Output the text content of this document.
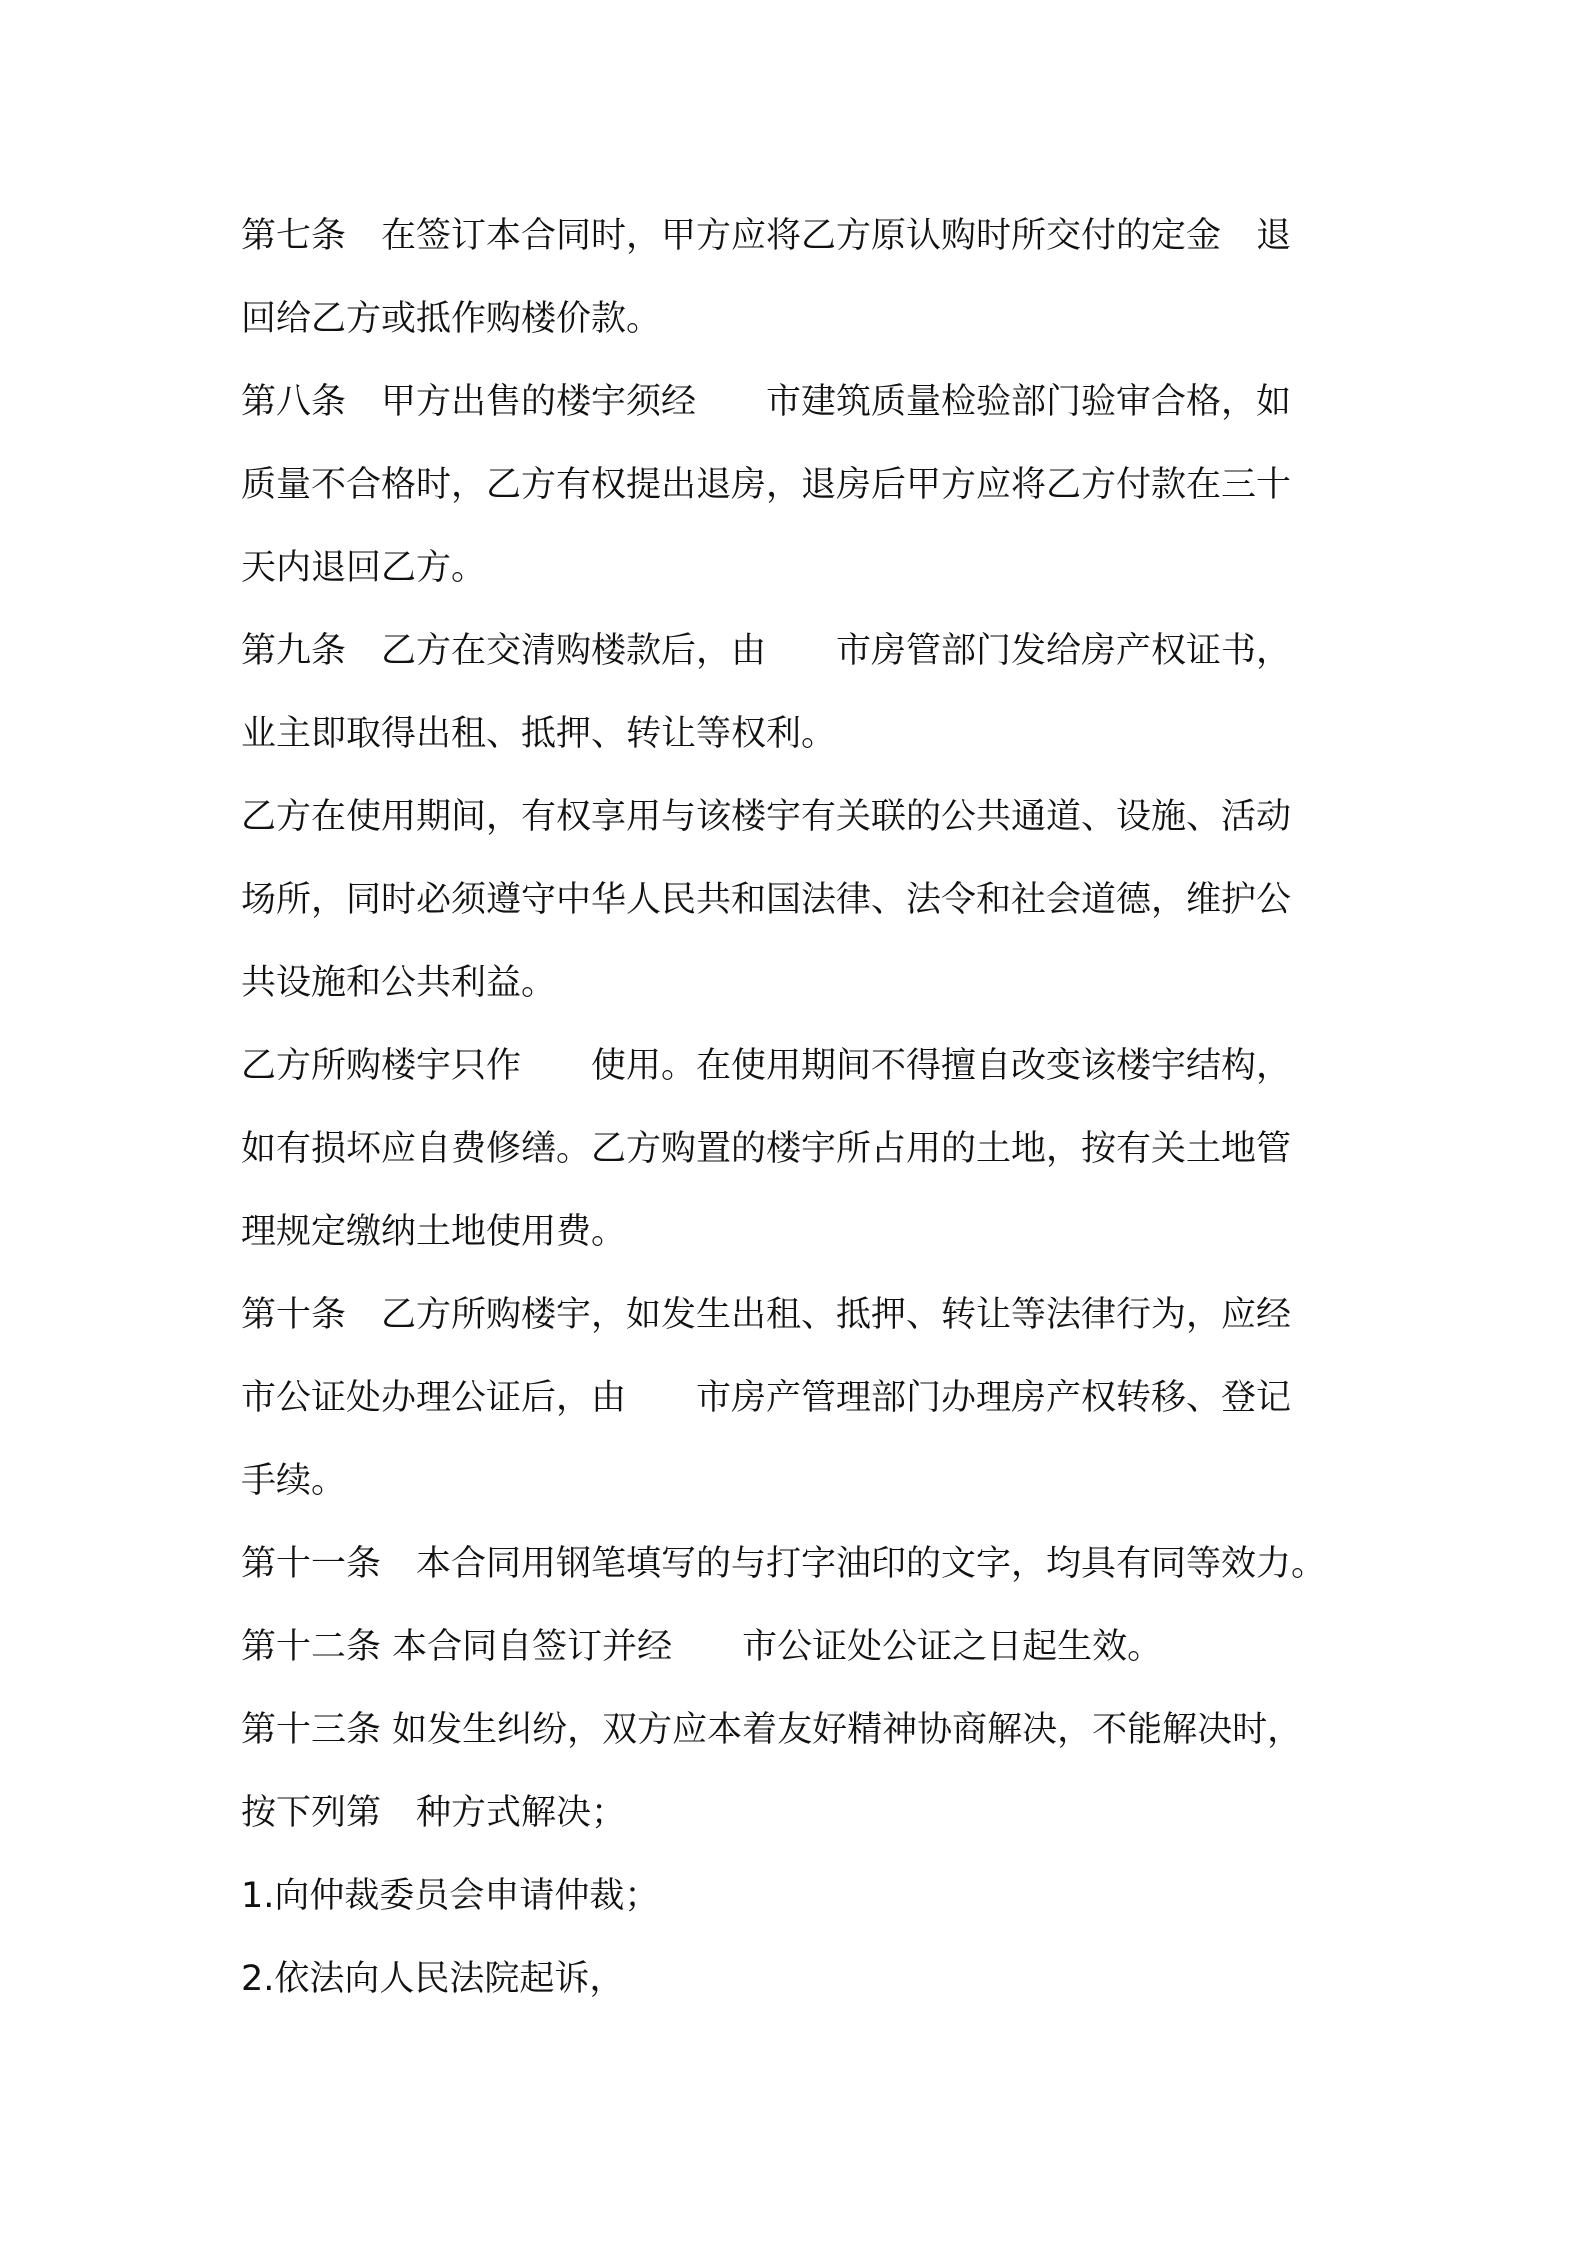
第七条　在签订本合同时，甲方应将乙方原认购时所交付的定金　退
回给乙方或抵作购楼价款。
第八条　甲方出售的楼宇须经　　市建筑质量检验部门验审合格，如
质量不合格时，乙方有权提出退房，退房后甲方应将乙方付款在三十
天内退回乙方。
第九条　乙方在交清购楼款后，由　　市房管部门发给房产权证书，
业主即取得出租、抵押、转让等权利。
乙方在使用期间，有权享用与该楼宇有关联的公共通道、设施、活动
场所，同时必须遵守中华人民共和国法律、法令和社会道德，维护公
共设施和公共利益。
乙方所购楼宇只作　　使用。在使用期间不得擅自改变该楼宇结构，
如有损坏应自费修缮。乙方购置的楼宇所占用的土地，按有关土地管
理规定缴纳土地使用费。
第十条　乙方所购楼宇，如发生出租、抵押、转让等法律行为，应经
市公证处办理公证后，由　　市房产管理部门办理房产权转移、登记
手续。
第十一条　本合同用钢笔填写的与打字油印的文字，均具有同等效力。
第十二条 本合同自签订并经　　市公证处公证之日起生效。
第十三条 如发生纠纷，双方应本着友好精神协商解决，不能解决时，
按下列第　种方式解决；
1.向仲裁委员会申请仲裁；
2.依法向人民法院起诉，
